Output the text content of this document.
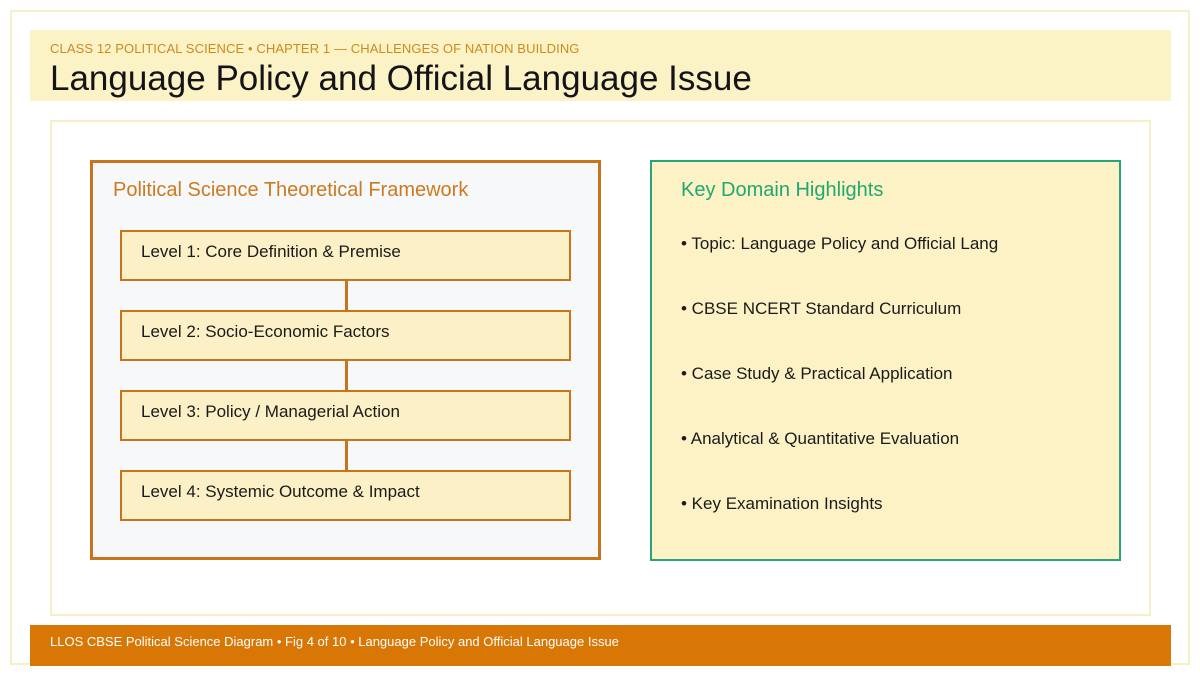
CLASS 12 POLITICAL SCIENCE • CHAPTER 1 — CHALLENGES OF NATION BUILDING
Language Policy and Official Language Issue
Political Science Theoretical Framework
Level 1: Core Definition & Premise
Level 2: Socio-Economic Factors
Level 3: Policy / Managerial Action
Level 4: Systemic Outcome & Impact
Key Domain Highlights
• Topic: Language Policy and Official Lang
• CBSE NCERT Standard Curriculum
• Case Study & Practical Application
• Analytical & Quantitative Evaluation
• Key Examination Insights
LLOS CBSE Political Science Diagram • Fig 4 of 10 • Language Policy and Official Language Issue
